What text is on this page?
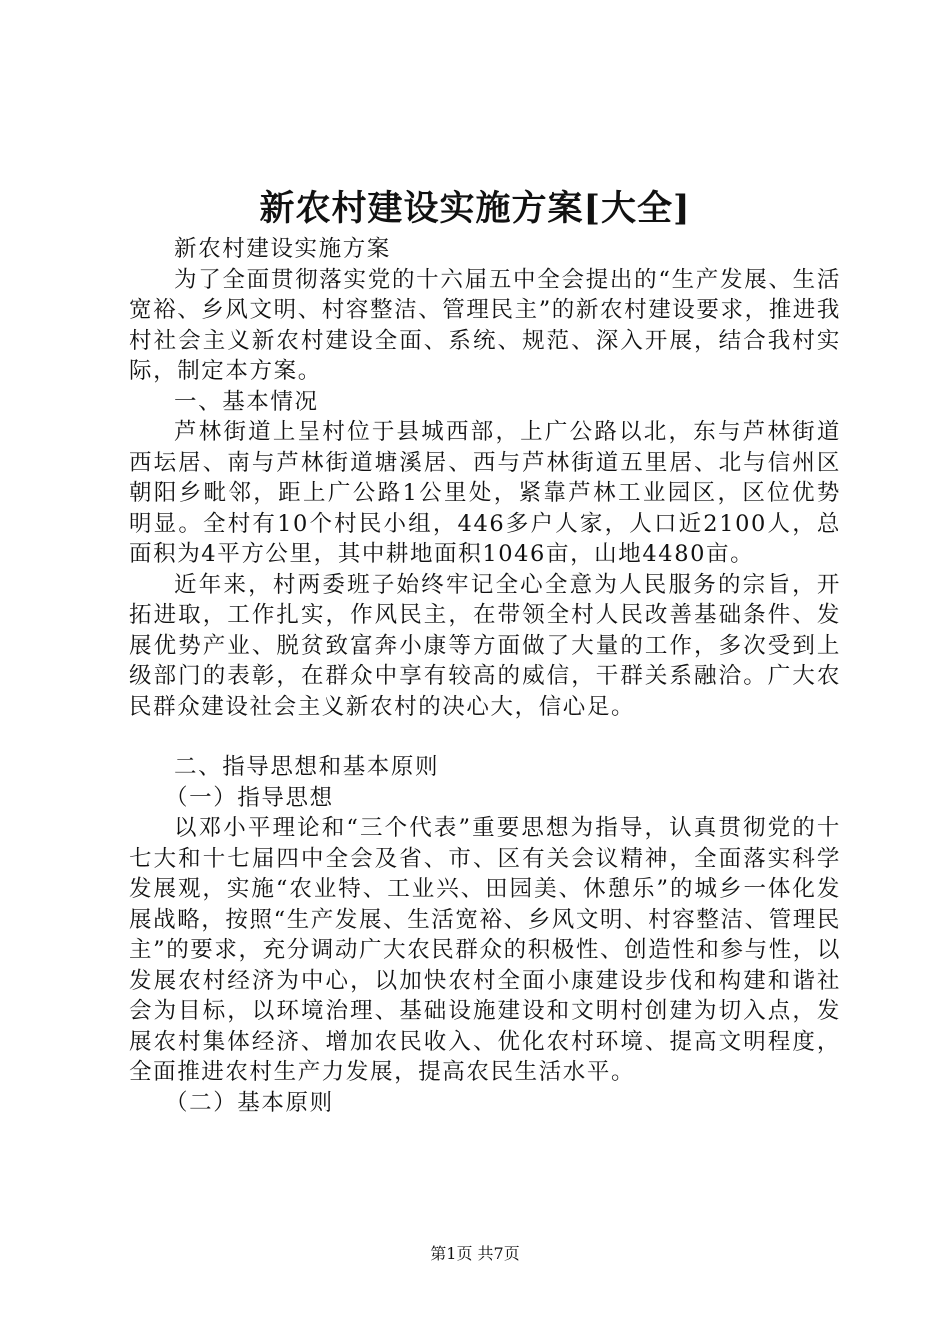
新农村建设实施方案[大全]

新农村建设实施方案

为了全面贯彻落实党的十六届五中全会提出的“生产发展、生活宽裕、乡风文明、村容整洁、管理民主”的新农村建设要求，推进我村社会主义新农村建设全面、系统、规范、深入开展，结合我村实际，制定本方案。

一、基本情况

芦林街道上呈村位于县城西部，上广公路以北，东与芦林街道西坛居、南与芦林街道塘溪居、西与芦林街道五里居、北与信州区朝阳乡毗邻，距上广公路1公里处，紧靠芦林工业园区，区位优势明显。全村有10个村民小组，446多户人家，人口近2100人，总面积为4平方公里，其中耕地面积1046亩，山地4480亩。

近年来，村两委班子始终牢记全心全意为人民服务的宗旨，开拓进取，工作扎实，作风民主，在带领全村人民改善基础条件、发展优势产业、脱贫致富奔小康等方面做了大量的工作，多次受到上级部门的表彰，在群众中享有较高的威信，干群关系融洽。广大农民群众建设社会主义新农村的决心大，信心足。

二、指导思想和基本原则

（一）指导思想

以邓小平理论和“三个代表”重要思想为指导，认真贯彻党的十七大和十七届四中全会及省、市、区有关会议精神，全面落实科学发展观，实施“农业特、工业兴、田园美、休憩乐”的城乡一体化发展战略，按照“生产发展、生活宽裕、乡风文明、村容整洁、管理民主”的要求，充分调动广大农民群众的积极性、创造性和参与性，以发展农村经济为中心，以加快农村全面小康建设步伐和构建和谐社会为目标，以环境治理、基础设施建设和文明村创建为切入点，发展农村集体经济、增加农民收入、优化农村环境、提高文明程度，全面推进农村生产力发展，提高农民生活水平。

（二）基本原则

第1页 共7页
